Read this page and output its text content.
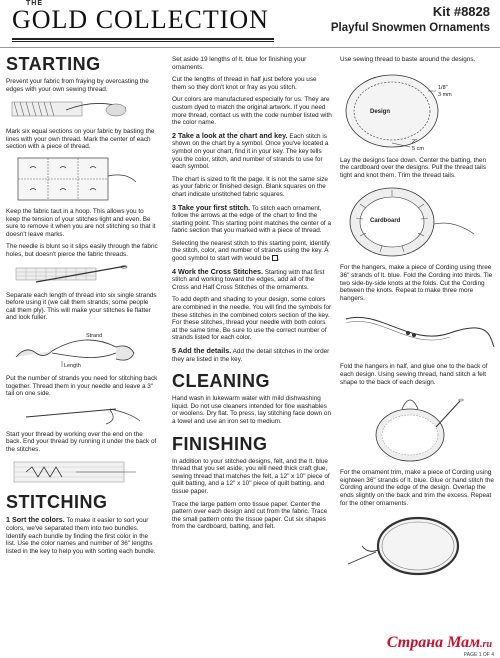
THE
GOLD COLLECTION	Kit #8828
Playful Snowmen Ornaments
STARTING

Prevent your fabric from fraying by overcasting the edges with your own sewing thread.

Mark six equal sections on your fabric by basting the lines with your own thread. Mark the center of each section with a piece of thread.

Keep the fabric taut in a hoop. This allows you to keep the tension of your stitches light and even. Be sure to remove it when you are not stitching so that it doesn't leave marks.

The needle is blunt so it slips easily through the fabric holes, but doesn't pierce the fabric threads.

Separate each length of thread into six single strands before using it (we call them strands; some people call them ply). This will make your stitches lie flatter and look fuller.

Strand
Length

Put the number of strands you need for stitching back together. Thread them in your needle and leave a 3" tail on one side.

Start your thread by working over the end on the back. End your thread by running it under the back of the stitches.

STITCHING

1 Sort the colors. To make it easier to sort your colors, we've separated them into two bundles. Identify each bundle by finding the first color in the list. Use the color names and number of 36" lengths listed in the key to help you with sorting each bundle.

Set aside 19 lengths of lt. blue for finishing your ornaments.

Cut the lengths of thread in half just before you use them so they don't knot or fray as you stitch.

Our colors are manufactured especially for us. They are custom dyed to match the original artwork. If you need more thread, contact us with the code number listed with the color name.

2 Take a look at the chart and key. Each stitch is shown on the chart by a symbol. Once you've located a symbol on your chart, find it in your key. The key tells you the color, stitch, and number of strands to use for each symbol.

The chart is sized to fit the page. It is not the same size as your fabric or finished design. Blank squares on the chart indicate unstitched fabric squares.

3 Take your first stitch. To stitch each ornament, follow the arrows at the edge of the chart to find the starting point. This starting point matches the center of a fabric section that you marked with a piece of thread.

Selecting the nearest stitch to this starting point, identify the stitch, color, and number of strands using the key. A good symbol to start with would be .

4 Work the Cross Stitches. Starting with that first stitch and working toward the edges, add all of the Cross and Half Cross Stitches of the ornaments.

To add depth and shading to your design, some colors are combined in the needle. You will find the symbols for these stitches in the combined colors section of the key. For these stitches, thread your needle with both colors at the same time. Be sure to use the correct number of strands listed for each color.

5 Add the details. Add the detail stitches in the order they are listed in the key.

CLEANING

Hand wash in lukewarm water with mild dishwashing liquid. Do not use cleaners intended for fine washables or woolens. Dry flat. To press, lay stitching face down on a towel and use an iron set to medium.

FINISHING

In addition to your stitched designs, felt, and the lt. blue thread that you set aside, you will need thick craft glue, sewing thread that matches the felt, a 12" x 10" piece of quilt batting, and a 12" x 10" piece of quilt batting, and tissue paper.

Trace the large pattern onto tissue paper. Center the pattern over each design and cut from the fabric. Trace the small pattern onto the tissue paper. Cut six shapes from the cardboard, batting, and felt.

Use sewing thread to baste around the designs.

Design
1/8"
3 mm
2"
5 cm

Lay the designs face down. Center the batting, then the cardboard over the designs. Pull the thread tails tight and knot them. Trim the thread tails.

Cardboard

For the hangers, make a piece of Cording using three 36" strands of lt. blue. Fold the Cording into thirds. Tie two side-by-side knots at the folds. Cut the Cording between the knots. Repeat to make three more hangers.

Fold the hangers in half, and glue one to the back of each design. Using sewing thread, hand stitch a felt shape to the back of each design.

For the ornament trim, make a piece of Cording using eighteen 36" strands of lt. blue. Glue or hand stitch the Cording around the edge of the design. Overlap the ends slightly on the back and trim the excess. Repeat for the other ornaments.

Страна Мам.ru
PAGE 1 OF 4
